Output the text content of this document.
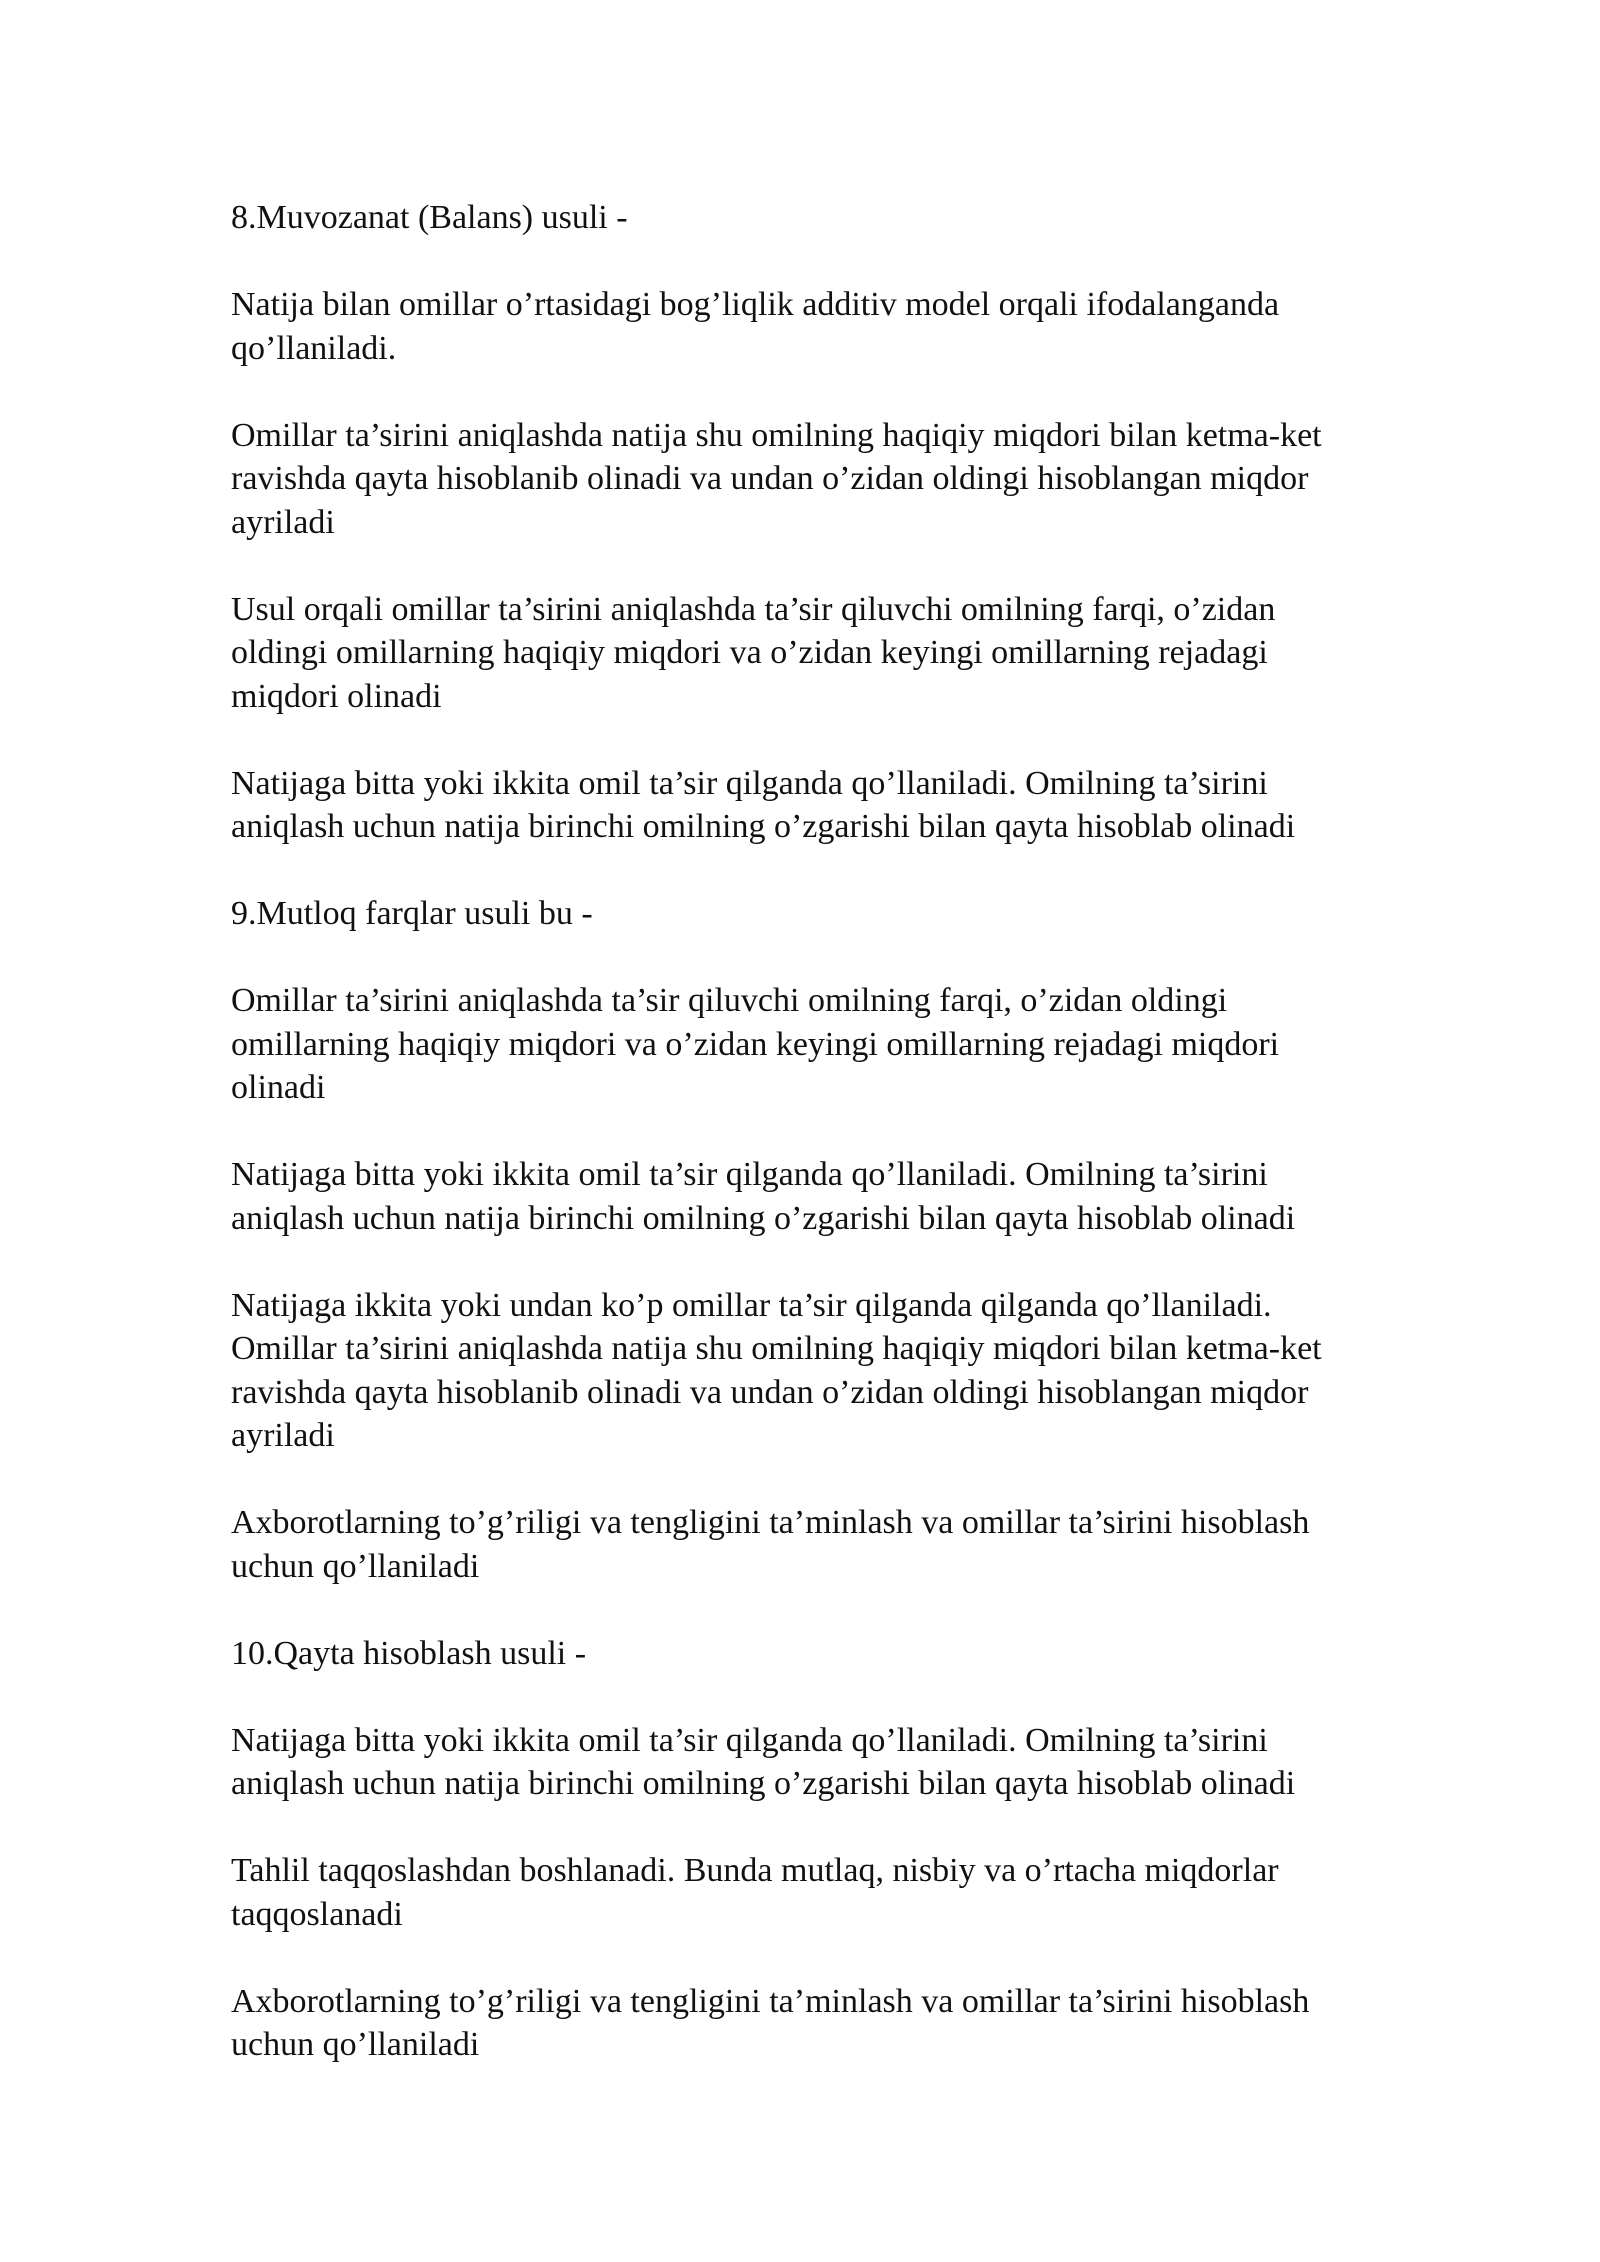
8.Muvozanat (Balans) usuli -

Natija bilan omillar o’rtasidagi bog’liqlik additiv model orqali ifodalanganda
qo’llaniladi.

Omillar ta’sirini aniqlashda natija shu omilning haqiqiy miqdori bilan ketma-ket
ravishda qayta hisoblanib olinadi va undan o’zidan oldingi hisoblangan miqdor
ayriladi

Usul orqali omillar ta’sirini aniqlashda ta’sir qiluvchi omilning farqi, o’zidan
oldingi omillarning haqiqiy miqdori va o’zidan keyingi omillarning rejadagi
miqdori olinadi

Natijaga bitta yoki ikkita omil ta’sir qilganda qo’llaniladi. Omilning ta’sirini
aniqlash uchun natija birinchi omilning o’zgarishi bilan qayta hisoblab olinadi

9.Mutloq farqlar usuli bu -

Omillar ta’sirini aniqlashda ta’sir qiluvchi omilning farqi, o’zidan oldingi
omillarning haqiqiy miqdori va o’zidan keyingi omillarning rejadagi miqdori
olinadi

Natijaga bitta yoki ikkita omil ta’sir qilganda qo’llaniladi. Omilning ta’sirini
aniqlash uchun natija birinchi omilning o’zgarishi bilan qayta hisoblab olinadi

Natijaga ikkita yoki undan ko’p omillar ta’sir qilganda qilganda qo’llaniladi.
Omillar ta’sirini aniqlashda natija shu omilning haqiqiy miqdori bilan ketma-ket
ravishda qayta hisoblanib olinadi va undan o’zidan oldingi hisoblangan miqdor
ayriladi

Axborotlarning to’g’riligi va tengligini ta’minlash va omillar ta’sirini hisoblash
uchun qo’llaniladi

10.Qayta hisoblash usuli -

Natijaga bitta yoki ikkita omil ta’sir qilganda qo’llaniladi. Omilning ta’sirini
aniqlash uchun natija birinchi omilning o’zgarishi bilan qayta hisoblab olinadi

Tahlil taqqoslashdan boshlanadi. Bunda mutlaq, nisbiy va o’rtacha miqdorlar
taqqoslanadi

Axborotlarning to’g’riligi va tengligini ta’minlash va omillar ta’sirini hisoblash
uchun qo’llaniladi
